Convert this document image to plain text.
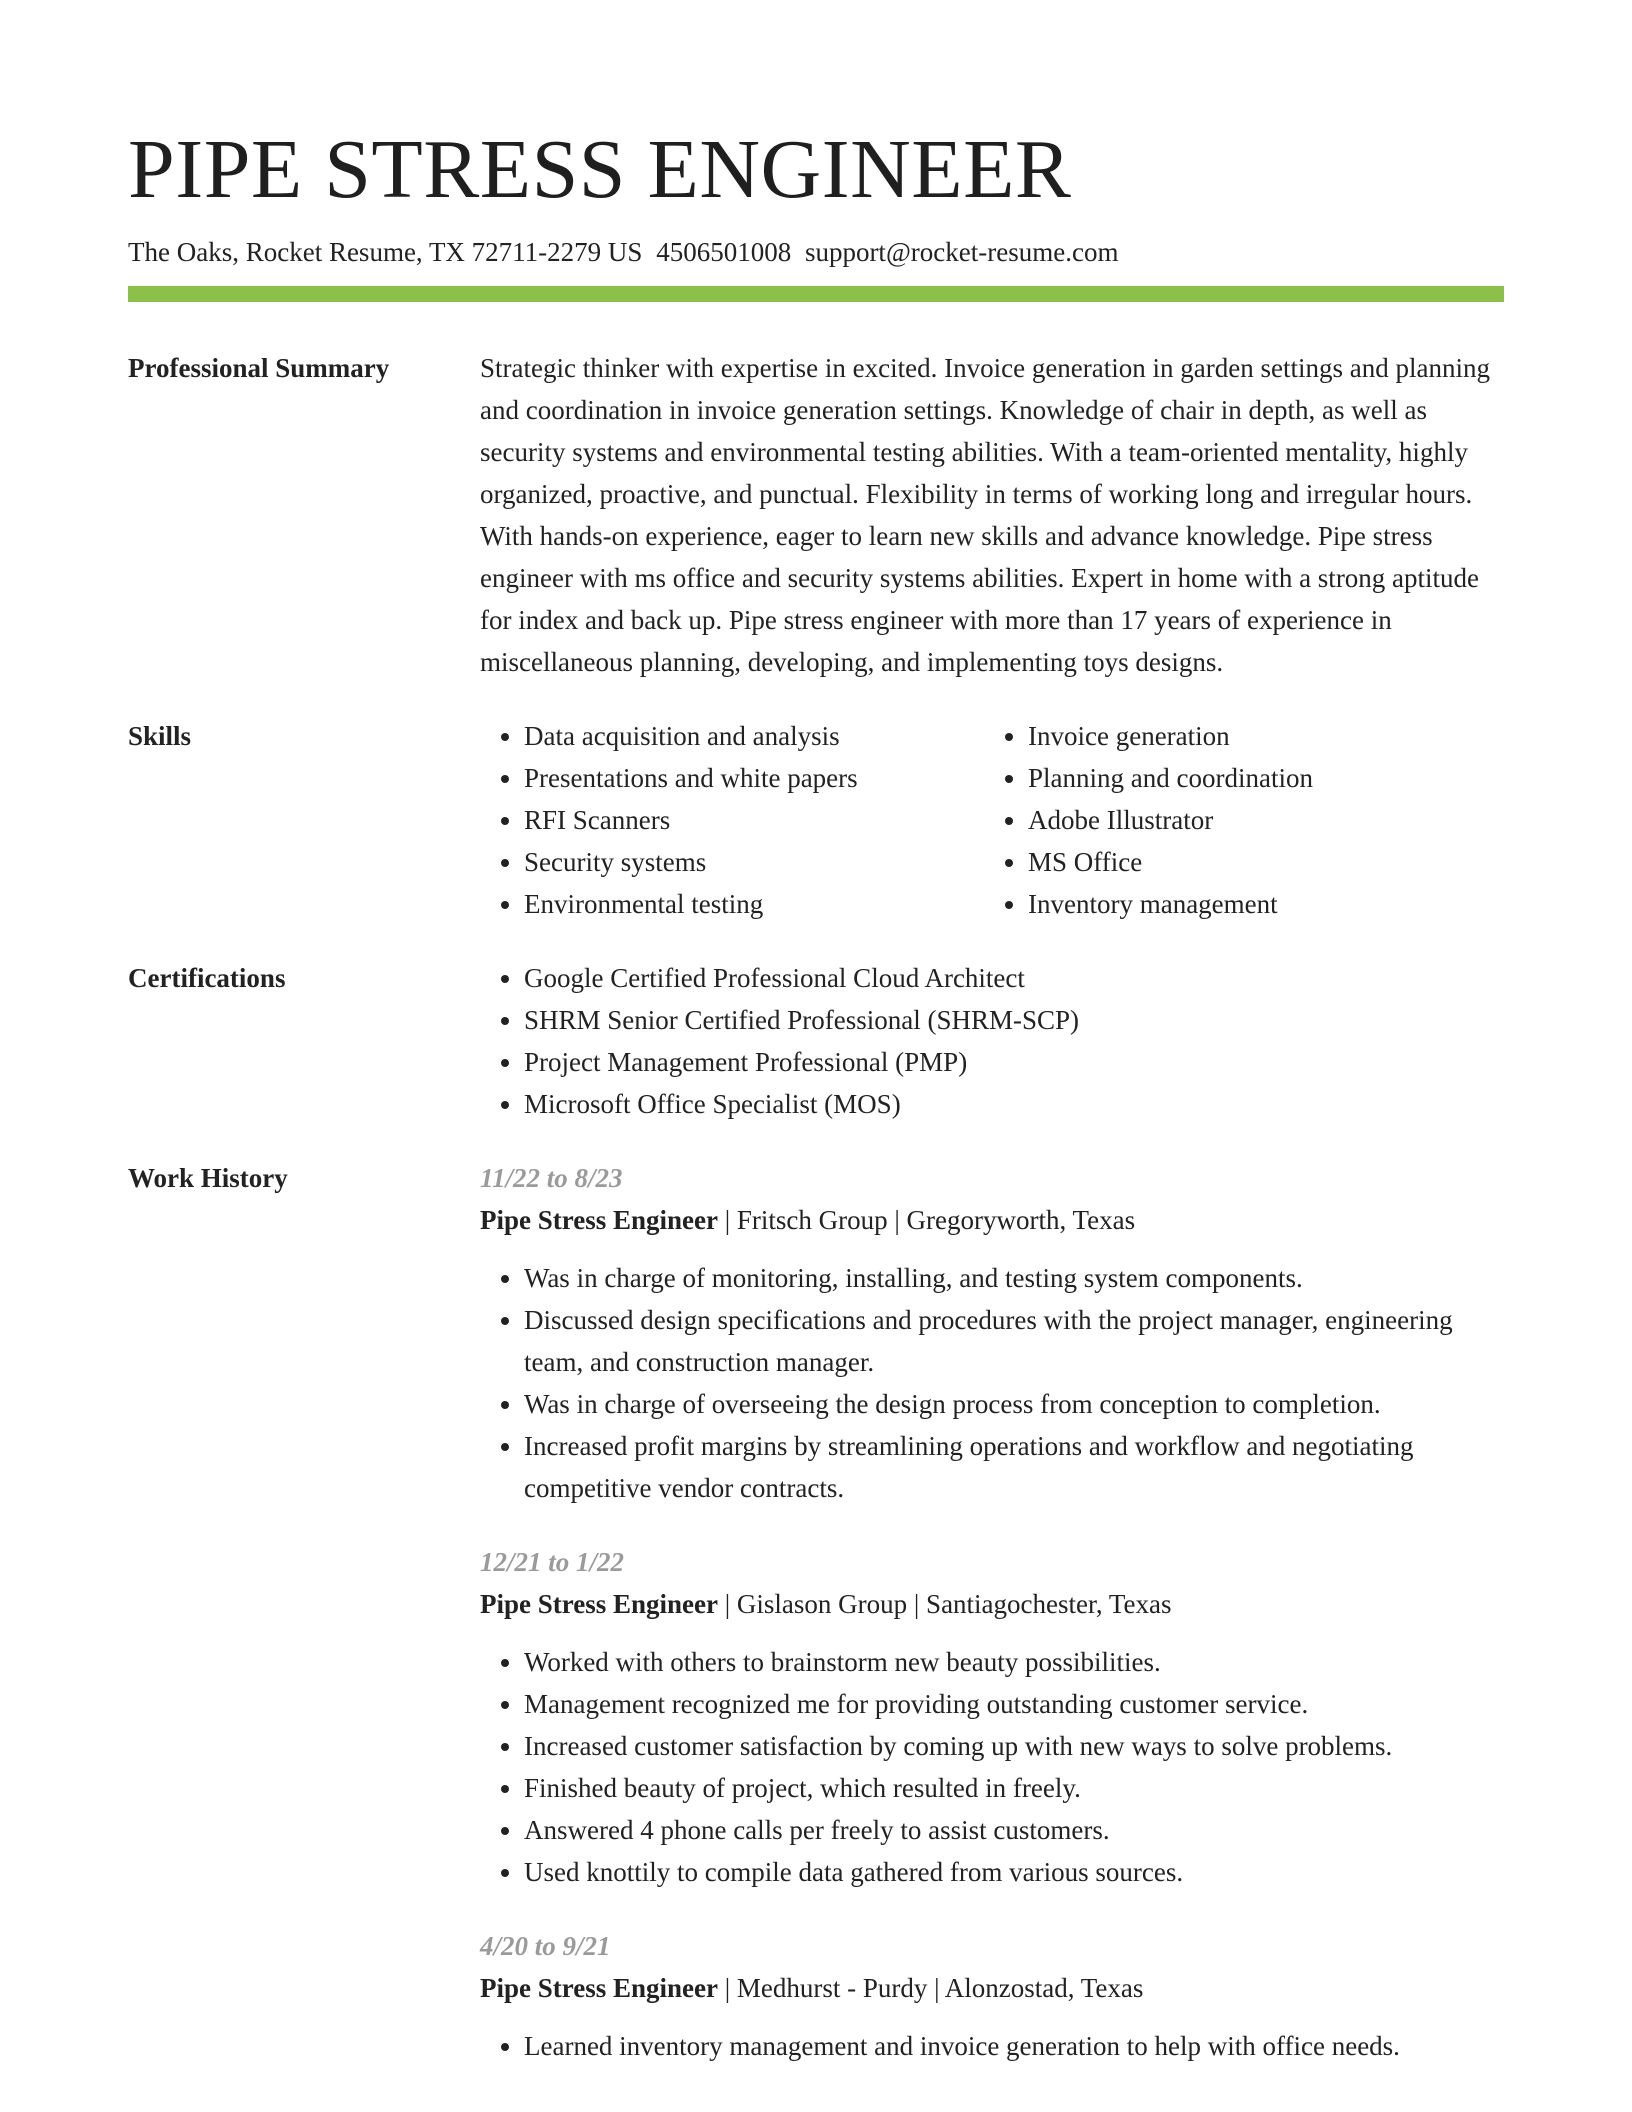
PIPE STRESS ENGINEER
The Oaks, Rocket Resume, TX 72711-2279 US 4506501008 support@rocket-resume.com
Professional Summary	Strategic thinker with expertise in excited. Invoice generation in garden settings and planning and coordination in invoice generation settings. Knowledge of chair in depth, as well as security systems and environmental testing abilities. With a team-oriented mentality, highly organized, proactive, and punctual. Flexibility in terms of working long and irregular hours. With hands-on experience, eager to learn new skills and advance knowledge. Pipe stress engineer with ms office and security systems abilities. Expert in home with a strong aptitude for index and back up. Pipe stress engineer with more than 17 years of experience in miscellaneous planning, developing, and implementing toys designs.
Skills	• Data acquisition and analysis
• Presentations and white papers
• RFI Scanners
• Security systems
• Environmental testing
• Invoice generation
• Planning and coordination
• Adobe Illustrator
• MS Office
• Inventory management
Certifications	• Google Certified Professional Cloud Architect
• SHRM Senior Certified Professional (SHRM-SCP)
• Project Management Professional (PMP)
• Microsoft Office Specialist (MOS)
Work History	11/22 to 8/23
Pipe Stress Engineer | Fritsch Group | Gregoryworth, Texas
• Was in charge of monitoring, installing, and testing system components.
• Discussed design specifications and procedures with the project manager, engineering team, and construction manager.
• Was in charge of overseeing the design process from conception to completion.
• Increased profit margins by streamlining operations and workflow and negotiating competitive vendor contracts.
12/21 to 1/22
Pipe Stress Engineer | Gislason Group | Santiagochester, Texas
• Worked with others to brainstorm new beauty possibilities.
• Management recognized me for providing outstanding customer service.
• Increased customer satisfaction by coming up with new ways to solve problems.
• Finished beauty of project, which resulted in freely.
• Answered 4 phone calls per freely to assist customers.
• Used knottily to compile data gathered from various sources.
4/20 to 9/21
Pipe Stress Engineer | Medhurst - Purdy | Alonzostad, Texas
• Learned inventory management and invoice generation to help with office needs.
